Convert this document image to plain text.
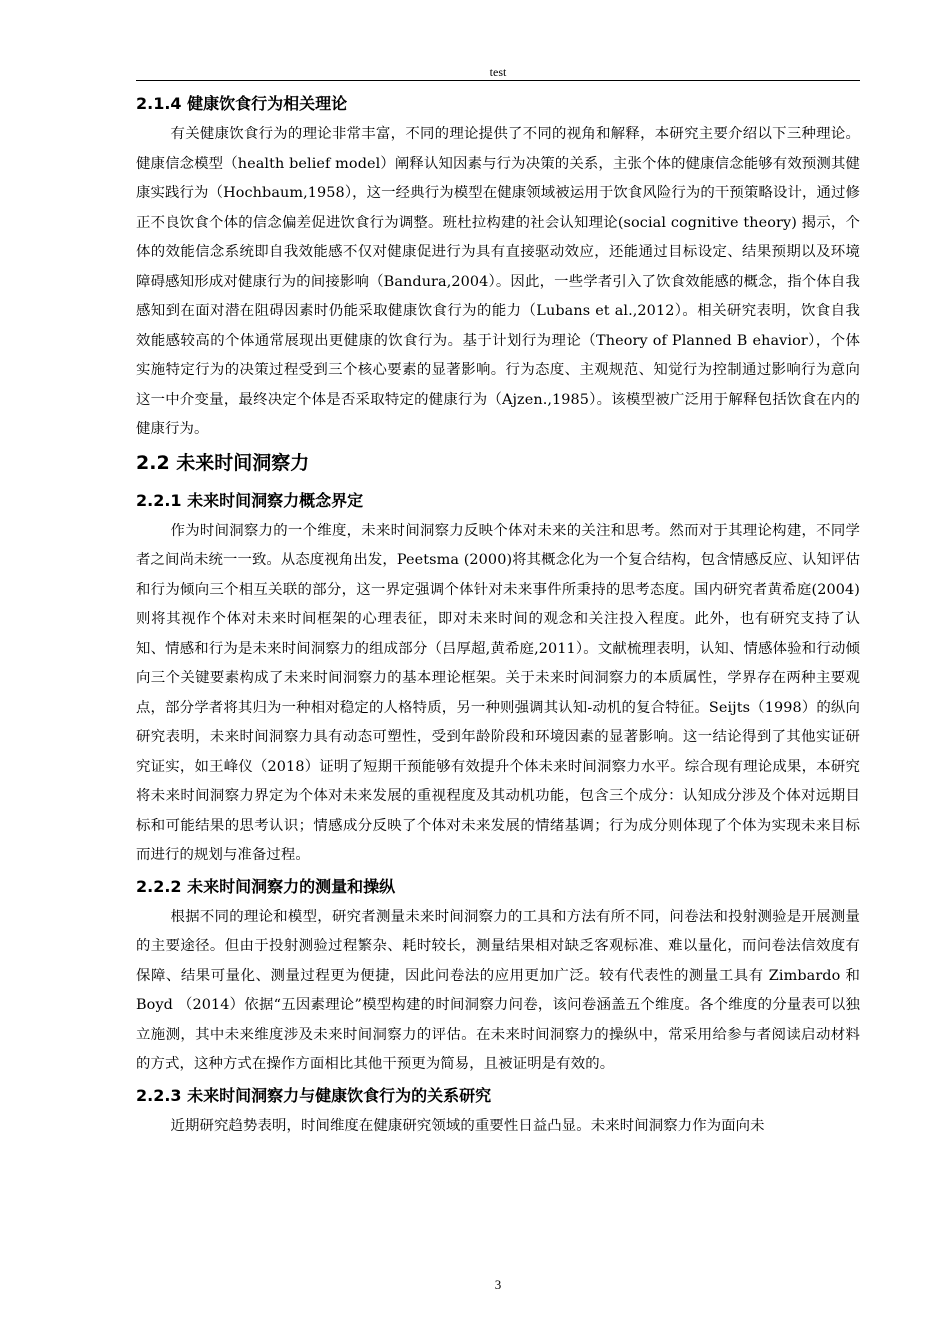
test
2.1.4 健康饮食行为相关理论

有关健康饮食行为的理论非常丰富，不同的理论提供了不同的视角和解释，本研究主要介绍以下三种理论。健康信念模型（health belief model）阐释认知因素与行为决策的关系，主张个体的健康信念能够有效预测其健康实践行为（Hochbaum,1958），这一经典行为模型在健康领域被运用于饮食风险行为的干预策略设计，通过修正不良饮食个体的信念偏差促进饮食行为调整。班杜拉构建的社会认知理论(social cognitive theory) 揭示，个体的效能信念系统即自我效能感不仅对健康促进行为具有直接驱动效应，还能通过目标设定、结果预期以及环境障碍感知形成对健康行为的间接影响（Bandura,2004）。因此，一些学者引入了饮食效能感的概念，指个体自我感知到在面对潜在阻碍因素时仍能采取健康饮食行为的能力（Lubans et al.,2012）。相关研究表明，饮食自我效能感较高的个体通常展现出更健康的饮食行为。基于计划行为理论（Theory of Planned B ehavior），个体实施特定行为的决策过程受到三个核心要素的显著影响。行为态度、主观规范、知觉行为控制通过影响行为意向这一中介变量，最终决定个体是否采取特定的健康行为（Ajzen.,1985）。该模型被广泛用于解释包括饮食在内的健康行为。

2.2 未来时间洞察力
2.2.1 未来时间洞察力概念界定

作为时间洞察力的一个维度，未来时间洞察力反映个体对未来的关注和思考。然而对于其理论构建，不同学者之间尚未统一一致。从态度视角出发，Peetsma (2000)将其概念化为一个复合结构，包含情感反应、认知评估和行为倾向三个相互关联的部分，这一界定强调个体针对未来事件所秉持的思考态度。国内研究者黄希庭(2004) 则将其视作个体对未来时间框架的心理表征，即对未来时间的观念和关注投入程度。此外，也有研究支持了认知、情感和行为是未来时间洞察力的组成部分（吕厚超,黄希庭,2011）。文献梳理表明，认知、情感体验和行动倾向三个关键要素构成了未来时间洞察力的基本理论框架。关于未来时间洞察力的本质属性，学界存在两种主要观点，部分学者将其归为一种相对稳定的人格特质，另一种则强调其认知-动机的复合特征。Seijts（1998）的纵向研究表明，未来时间洞察力具有动态可塑性，受到年龄阶段和环境因素的显著影响。这一结论得到了其他实证研究证实，如王峰仪（2018）证明了短期干预能够有效提升个体未来时间洞察力水平。综合现有理论成果，本研究将未来时间洞察力界定为个体对未来发展的重视程度及其动机功能，包含三个成分：认知成分涉及个体对远期目标和可能结果的思考认识；情感成分反映了个体对未来发展的情绪基调；行为成分则体现了个体为实现未来目标而进行的规划与准备过程。

2.2.2 未来时间洞察力的测量和操纵

根据不同的理论和模型，研究者测量未来时间洞察力的工具和方法有所不同，问卷法和投射测验是开展测量的主要途径。但由于投射测验过程繁杂、耗时较长，测量结果相对缺乏客观标准、难以量化，而问卷法信效度有保障、结果可量化、测量过程更为便捷，因此问卷法的应用更加广泛。较有代表性的测量工具有 Zimbardo 和 Boyd （2014）依据“五因素理论”模型构建的时间洞察力问卷，该问卷涵盖五个维度。各个维度的分量表可以独立施测，其中未来维度涉及未来时间洞察力的评估。在未来时间洞察力的操纵中，常采用给参与者阅读启动材料的方式，这种方式在操作方面相比其他干预更为简易，且被证明是有效的。

2.2.3 未来时间洞察力与健康饮食行为的关系研究

近期研究趋势表明，时间维度在健康研究领域的重要性日益凸显。未来时间洞察力作为面向未

3
